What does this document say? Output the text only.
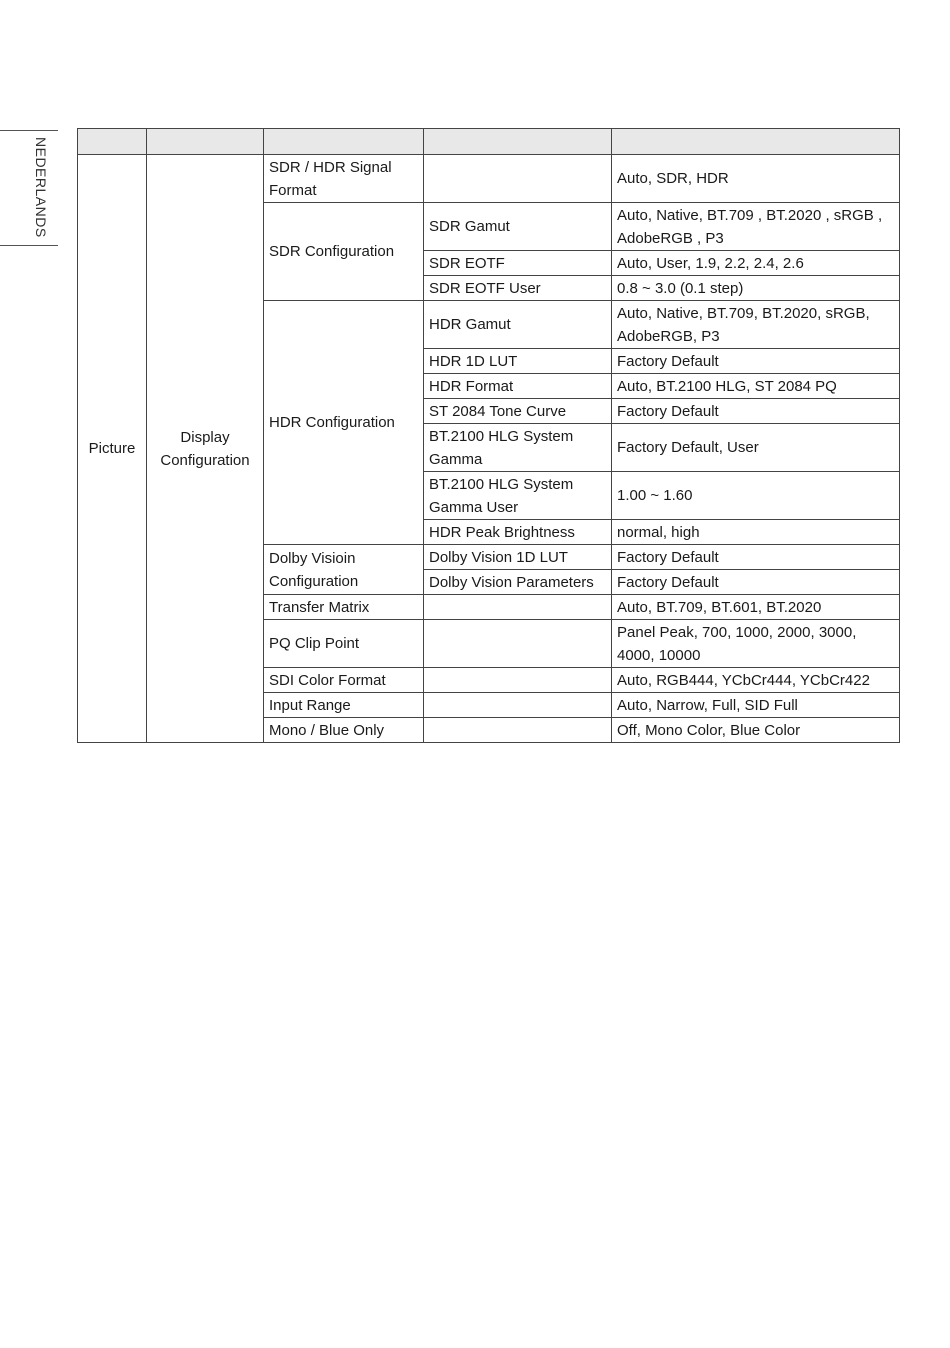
NEDERLANDS

Picture	Display Configuration	SDR / HDR Signal Format		Auto, SDR, HDR
		SDR Configuration	SDR Gamut	Auto, Native, BT.709 , BT.2020 , sRGB , AdobeRGB , P3
			SDR EOTF	Auto, User, 1.9, 2.2, 2.4, 2.6
			SDR EOTF User	0.8 ~ 3.0 (0.1 step)
		HDR Configuration	HDR Gamut	Auto, Native, BT.709, BT.2020, sRGB, AdobeRGB, P3
			HDR 1D LUT	Factory Default
			HDR Format	Auto, BT.2100 HLG, ST 2084 PQ
			ST 2084 Tone Curve	Factory Default
			BT.2100 HLG System Gamma	Factory Default, User
			BT.2100 HLG System Gamma User	1.00 ~ 1.60
			HDR Peak Brightness	normal, high
		Dolby Visioin Configuration	Dolby Vision 1D LUT	Factory Default
			Dolby Vision Parameters	Factory Default
		Transfer Matrix		Auto, BT.709, BT.601, BT.2020
		PQ Clip Point		Panel Peak, 700, 1000, 2000, 3000, 4000, 10000
		SDI Color Format		Auto, RGB444, YCbCr444, YCbCr422
		Input Range		Auto, Narrow, Full, SID Full
		Mono / Blue Only		Off, Mono Color, Blue Color
